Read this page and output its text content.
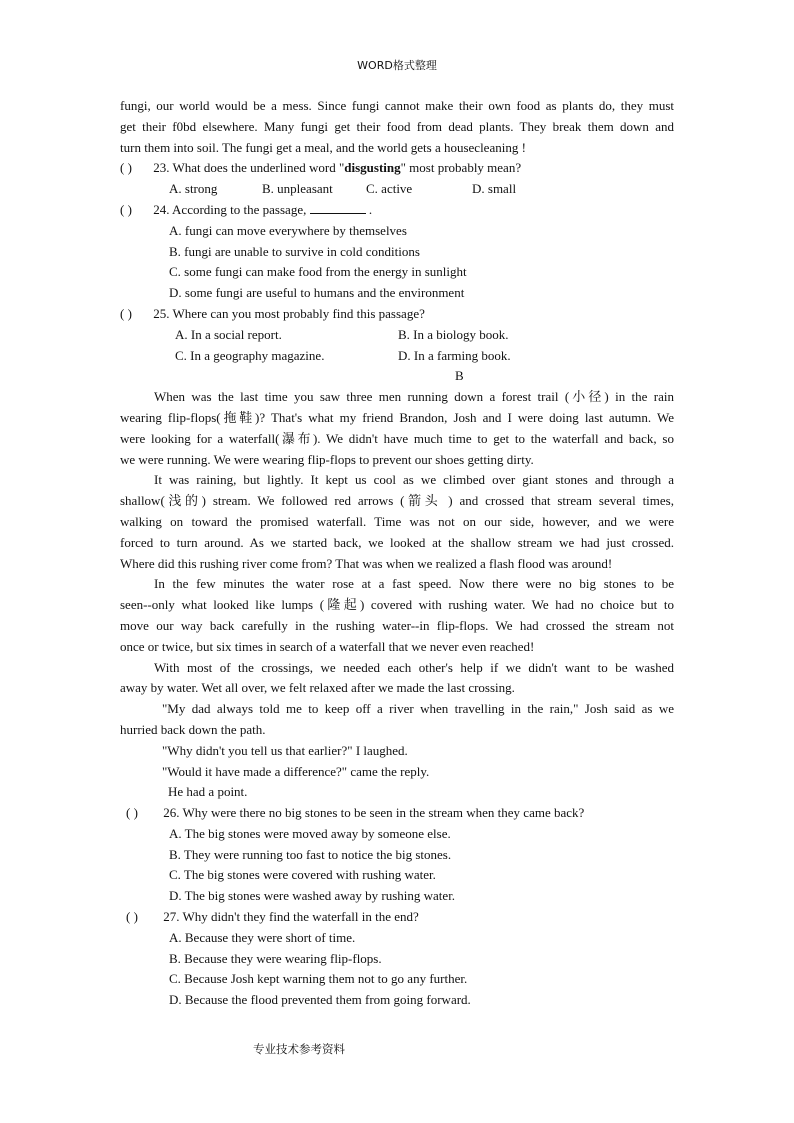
WORD格式整理
fungi, our world would be a mess. Since fungi cannot make their own food as plants do, they must
get their f0bd elsewhere. Many fungi get their food from dead plants. They break them down and
turn them into soil. The fungi get a meal, and the world gets a housecleaning !
( ) 23. What does the underlined word "disgusting" most probably mean?
A. strong	B. unpleasant	C. active	D. small
( ) 24. According to the passage,	.
A. fungi can move everywhere by themselves
B. fungi are unable to survive in cold conditions
C. some fungi can make food from the energy in sunlight
D. some fungi are useful to humans and the environment
( ) 25. Where can you most probably find this passage?
A. In a social report.	B. In a biology book.
C. In a geography magazine.	D. In a farming book.
B
When was the last time you saw three men running down a forest trail (小径) in the rain
wearing flip-flops(拖鞋)? That's what my friend Brandon, Josh and I were doing last autumn. We
were looking for a waterfall(瀑布). We didn't have much time to get to the waterfall and back, so
we were running. We were wearing flip-flops to prevent our shoes getting dirty.
It was raining, but lightly. It kept us cool as we climbed over giant stones and through a
shallow(浅的) stream. We followed red arrows (箭头 ) and crossed that stream several times,
walking on toward the promised waterfall. Time was not on our side, however, and we were
forced to turn around. As we started back, we looked at the shallow stream we had just crossed.
Where did this rushing river come from? That was when we realized a flash flood was around!
In the few minutes the water rose at a fast speed. Now there were no big stones to be
seen--only what looked like lumps (隆起) covered with rushing water. We had no choice but to
move our way back carefully in the rushing water--in flip-flops. We had crossed the stream not
once or twice, but six times in search of a waterfall that we never even reached!
With most of the crossings, we needed each other's help if we didn't want to be washed
away by water. Wet all over, we felt relaxed after we made the last crossing.
"My dad always told me to keep off a river when travelling in the rain," Josh said as we
hurried back down the path.
"Why didn't you tell us that earlier?" I laughed.
"Would it have made a difference?" came the reply.
He had a point.
( ) 26. Why were there no big stones to be seen in the stream when they came back?
A. The big stones were moved away by someone else.
B. They were running too fast to notice the big stones.
C. The big stones were covered with rushing water.
D. The big stones were washed away by rushing water.
( ) 27. Why didn't they find the waterfall in the end?
A. Because they were short of time.
B. Because they were wearing flip-flops.
C. Because Josh kept warning them not to go any further.
D. Because the flood prevented them from going forward.
专业技术参考资料
